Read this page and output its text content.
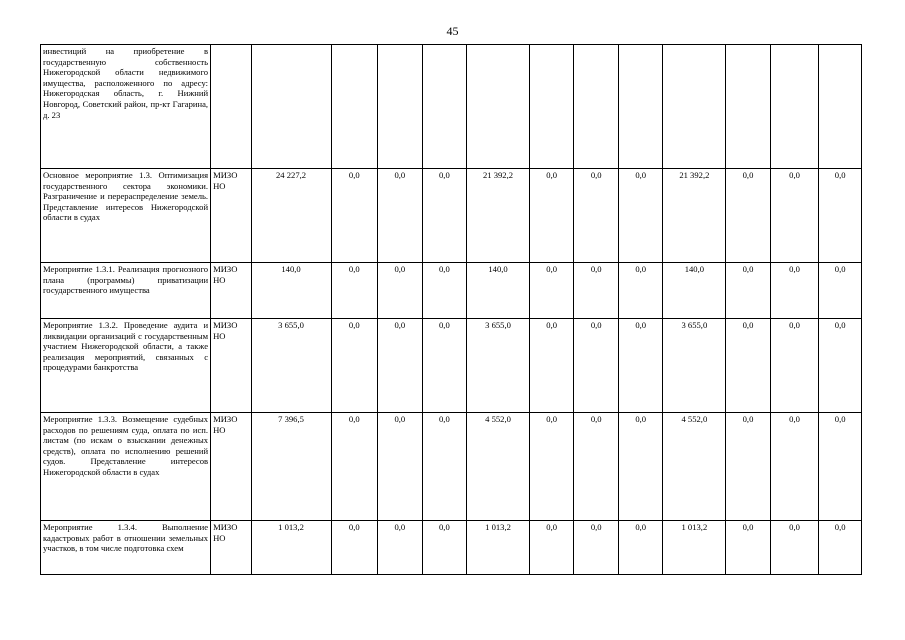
45
инвестиций на приобретение в государственную собственность Нижегородской области недвижимого имущества, расположенного по адресу: Нижегородская область, г. Нижний Новгород, Советский район, пр-кт Гагарина, д. 23													
Основное мероприятие 1.3. Оптимизация государственного сектора экономики. Разграничение и перераспределение земель. Представление интересов Нижегородской области в судах	МИЗО НО	24 227,2	0,0	0,0	0,0	21 392,2	0,0	0,0	0,0	21 392,2	0,0	0,0	0,0
Мероприятие 1.3.1. Реализация прогнозного плана (программы) приватизации государственного имущества	МИЗО НО	140,0	0,0	0,0	0,0	140,0	0,0	0,0	0,0	140,0	0,0	0,0	0,0
Мероприятие 1.3.2. Проведение аудита и ликвидации организаций с государственным участием Нижегородской области, а также реализация мероприятий, связанных с процедурами банкротства	МИЗО НО	3 655,0	0,0	0,0	0,0	3 655,0	0,0	0,0	0,0	3 655,0	0,0	0,0	0,0
Мероприятие 1.3.3. Возмещение судебных расходов по решениям суда, оплата по исп. листам (по искам о взыскании денежных средств), оплата по исполнению решений судов. Представление интересов Нижегородской области в судах	МИЗО НО	7 396,5	0,0	0,0	0,0	4 552,0	0,0	0,0	0,0	4 552,0	0,0	0,0	0,0
Мероприятие 1.3.4. Выполнение кадастровых работ в отношении земельных участков, в том числе подготовка схем	МИЗО НО	1 013,2	0,0	0,0	0,0	1 013,2	0,0	0,0	0,0	1 013,2	0,0	0,0	0,0
